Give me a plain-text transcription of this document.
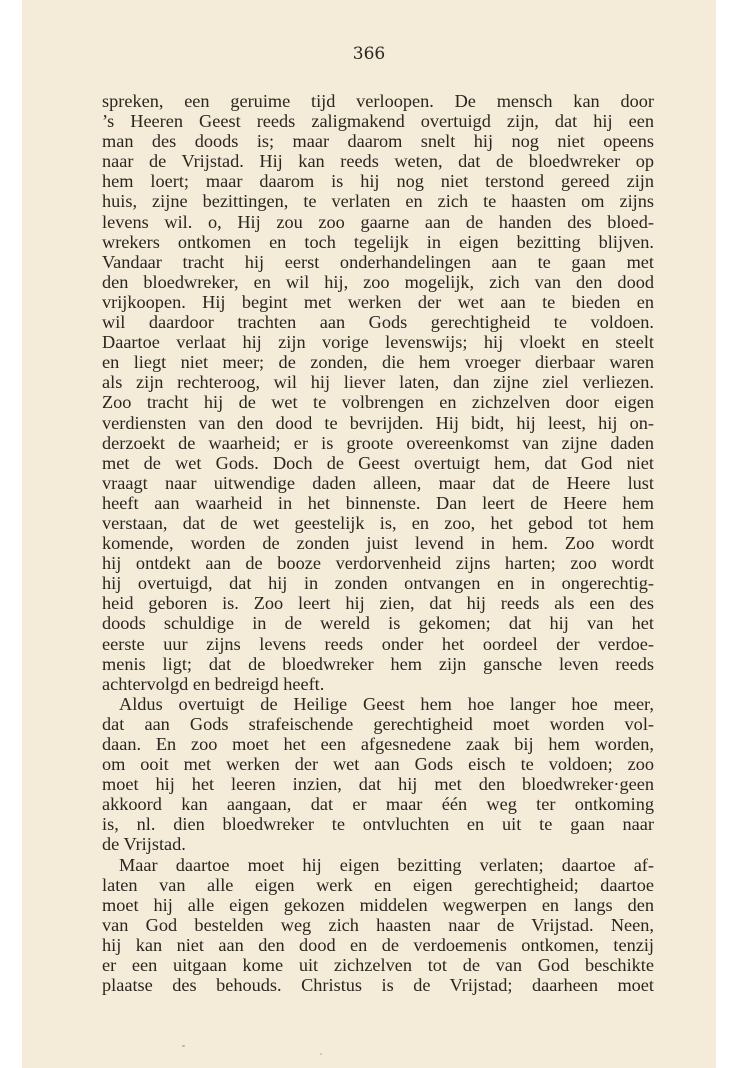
366
spreken, een geruime tijd verloopen. De mensch kan door
’s Heeren Geest reeds zaligmakend overtuigd zijn, dat hij een
man des doods is; maar daarom snelt hij nog niet opeens
naar de Vrijstad. Hij kan reeds weten, dat de bloedwreker op
hem loert; maar daarom is hij nog niet terstond gereed zijn
huis, zijne bezittingen, te verlaten en zich te haasten om zijns
levens wil. o, Hij zou zoo gaarne aan de handen des bloed-
wrekers ontkomen en toch tegelijk in eigen bezitting blijven.
Vandaar tracht hij eerst onderhandelingen aan te gaan met
den bloedwreker, en wil hij, zoo mogelijk, zich van den dood
vrijkoopen. Hij begint met werken der wet aan te bieden en
wil daardoor trachten aan Gods gerechtigheid te voldoen.
Daartoe verlaat hij zijn vorige levenswijs; hij vloekt en steelt
en liegt niet meer; de zonden, die hem vroeger dierbaar waren
als zijn rechteroog, wil hij liever laten, dan zijne ziel verliezen.
Zoo tracht hij de wet te volbrengen en zichzelven door eigen
verdiensten van den dood te bevrijden. Hij bidt, hij leest, hij on-
derzoekt de waarheid; er is groote overeenkomst van zijne daden
met de wet Gods. Doch de Geest overtuigt hem, dat God niet
vraagt naar uitwendige daden alleen, maar dat de Heere lust
heeft aan waarheid in het binnenste. Dan leert de Heere hem
verstaan, dat de wet geestelijk is, en zoo, het gebod tot hem
komende, worden de zonden juist levend in hem. Zoo wordt
hij ontdekt aan de booze verdorvenheid zijns harten; zoo wordt
hij overtuigd, dat hij in zonden ontvangen en in ongerechtig-
heid geboren is. Zoo leert hij zien, dat hij reeds als een des
doods schuldige in de wereld is gekomen; dat hij van het
eerste uur zijns levens reeds onder het oordeel der verdoe-
menis ligt; dat de bloedwreker hem zijn gansche leven reeds
achtervolgd en bedreigd heeft.
Aldus overtuigt de Heilige Geest hem hoe langer hoe meer,
dat aan Gods strafeischende gerechtigheid moet worden vol-
daan. En zoo moet het een afgesnedene zaak bij hem worden,
om ooit met werken der wet aan Gods eisch te voldoen; zoo
moet hij het leeren inzien, dat hij met den bloedwreker·geen
akkoord kan aangaan, dat er maar één weg ter ontkoming
is, nl. dien bloedwreker te ontvluchten en uit te gaan naar
de Vrijstad.
Maar daartoe moet hij eigen bezitting verlaten; daartoe af-
laten van alle eigen werk en eigen gerechtigheid; daartoe
moet hij alle eigen gekozen middelen wegwerpen en langs den
van God bestelden weg zich haasten naar de Vrijstad. Neen,
hij kan niet aan den dood en de verdoemenis ontkomen, tenzij
er een uitgaan kome uit zichzelven tot de van God beschikte
plaatse des behouds. Christus is de Vrijstad; daarheen moet
